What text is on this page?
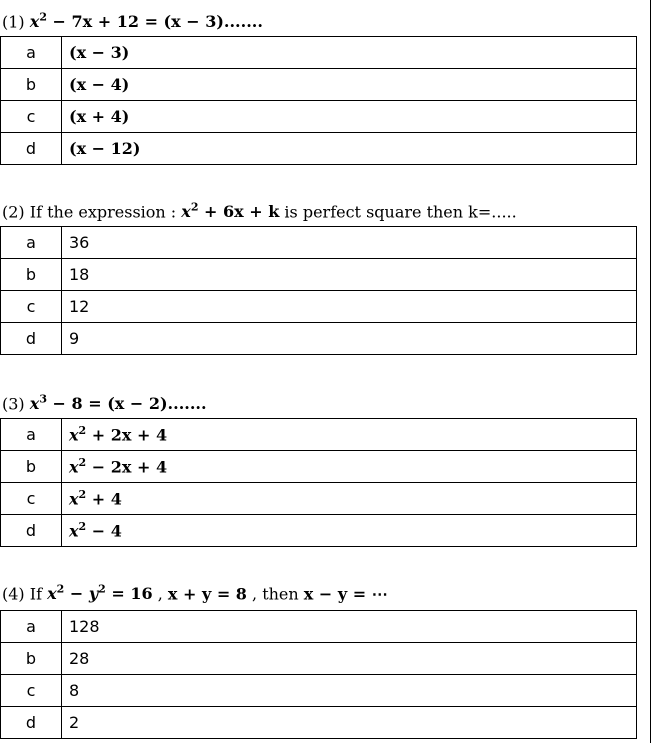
(1) $x^2 - 7x + 12 = (x - 3)$.......
a	(x − 3)
b	(x − 4)
c	(x + 4)
d	(x − 12)
(2) If the expression : $x^2 + 6x + k$ is perfect square then k=.....
a	36
b	18
c	12
d	9
(3) $x^3 - 8 = (x - 2)$.......
a	$x^2 + 2x + 4$
b	$x^2 - 2x + 4$
c	$x^2 + 4$
d	$x^2 - 4$
(4) If $x^2 - y^2 = 16$ , x + y = 8 , then x − y = ⋯
a	128
b	28
c	8
d	2
